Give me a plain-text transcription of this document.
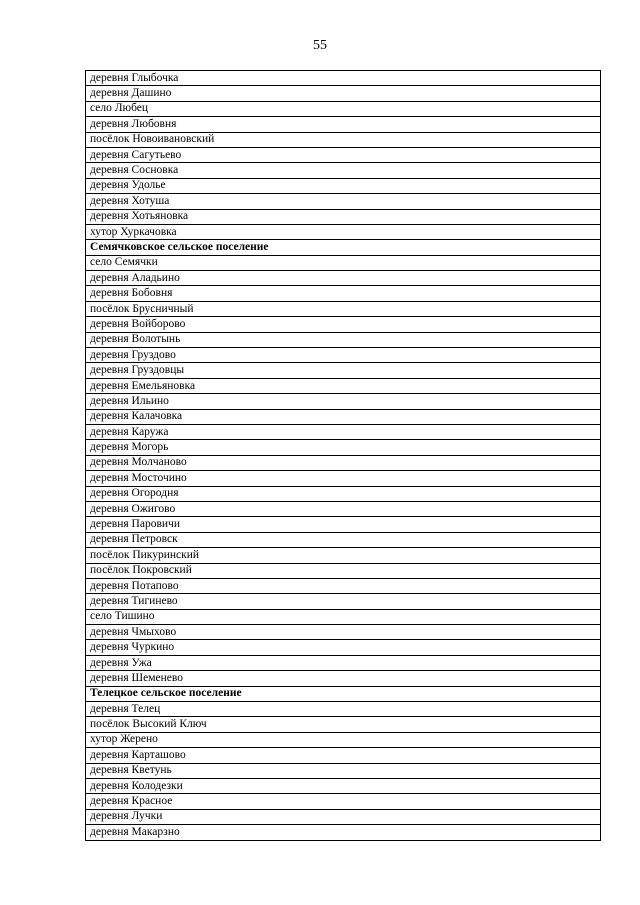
55
деревня Глыбочка
деревня Дашино
село Любец
деревня Любовня
посёлок Новоивановский
деревня Сагутьево
деревня Сосновка
деревня Удолье
деревня Хотуша
деревня Хотьяновка
хутор Хуркачовка
Семячковское сельское поселение
село Семячки
деревня Аладьино
деревня Бобовня
посёлок Брусничный
деревня Войборово
деревня Волотынь
деревня Груздово
деревня Груздовцы
деревня Емельяновка
деревня Ильино
деревня Калачовка
деревня Каружа
деревня Могорь
деревня Молчаново
деревня Мосточино
деревня Огородня
деревня Ожигово
деревня Паровичи
деревня Петровск
посёлок Пикуринский
посёлок Покровский
деревня Потапово
деревня Тигинево
село Тишино
деревня Чмыхово
деревня Чуркино
деревня Ужа
деревня Шеменево
Телецкое сельское поселение
деревня Телец
посёлок Высокий Ключ
хутор Жерено
деревня Карташово
деревня Кветунь
деревня Колодезки
деревня Красное
деревня Лучки
деревня Макарзно
